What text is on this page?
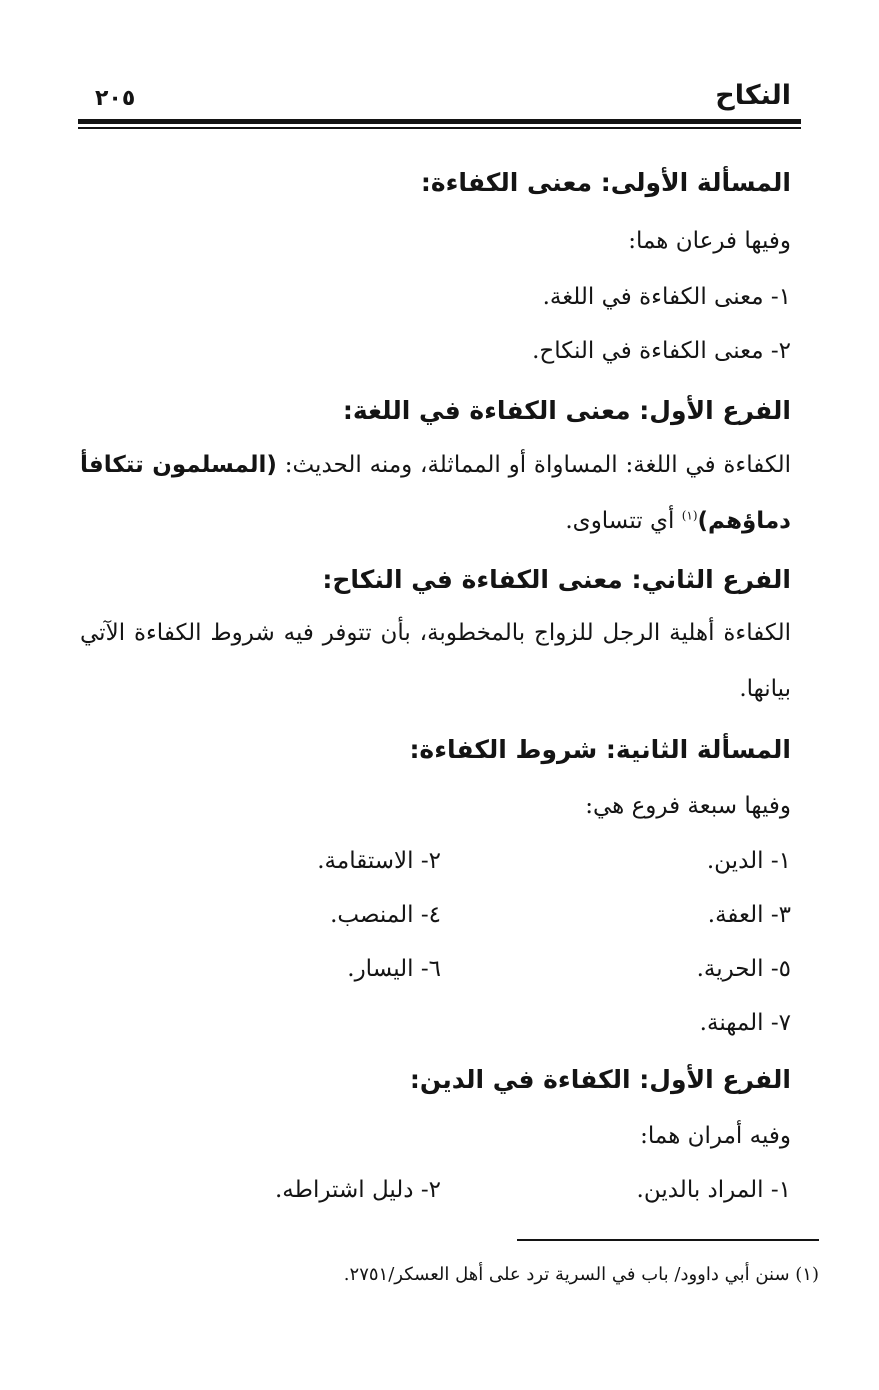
النكاح
٢٠٥
المسألة الأولى: معنى الكفاءة:
وفيها فرعان هما:
١- معنى الكفاءة في اللغة.
٢- معنى الكفاءة في النكاح.
الفرع الأول: معنى الكفاءة في اللغة:
الكفاءة في اللغة: المساواة أو المماثلة، ومنه الحديث: (المسلمون تتكافأ
دماؤهم)$^{(١)}$ أي تتساوى.
الفرع الثاني: معنى الكفاءة في النكاح:
الكفاءة أهلية الرجل للزواج بالمخطوبة، بأن تتوفر فيه شروط الكفاءة الآتي
بيانها.
المسألة الثانية: شروط الكفاءة:
وفيها سبعة فروع هي:
١- الدين.
٢- الاستقامة.
٣- العفة.
٤- المنصب.
٥- الحرية.
٦- اليسار.
٧- المهنة.
الفرع الأول: الكفاءة في الدين:
وفيه أمران هما:
١- المراد بالدين.
٢- دليل اشتراطه.
(١) سنن أبي داوود/ باب في السرية ترد على أهل العسكر/٢٧٥١.
